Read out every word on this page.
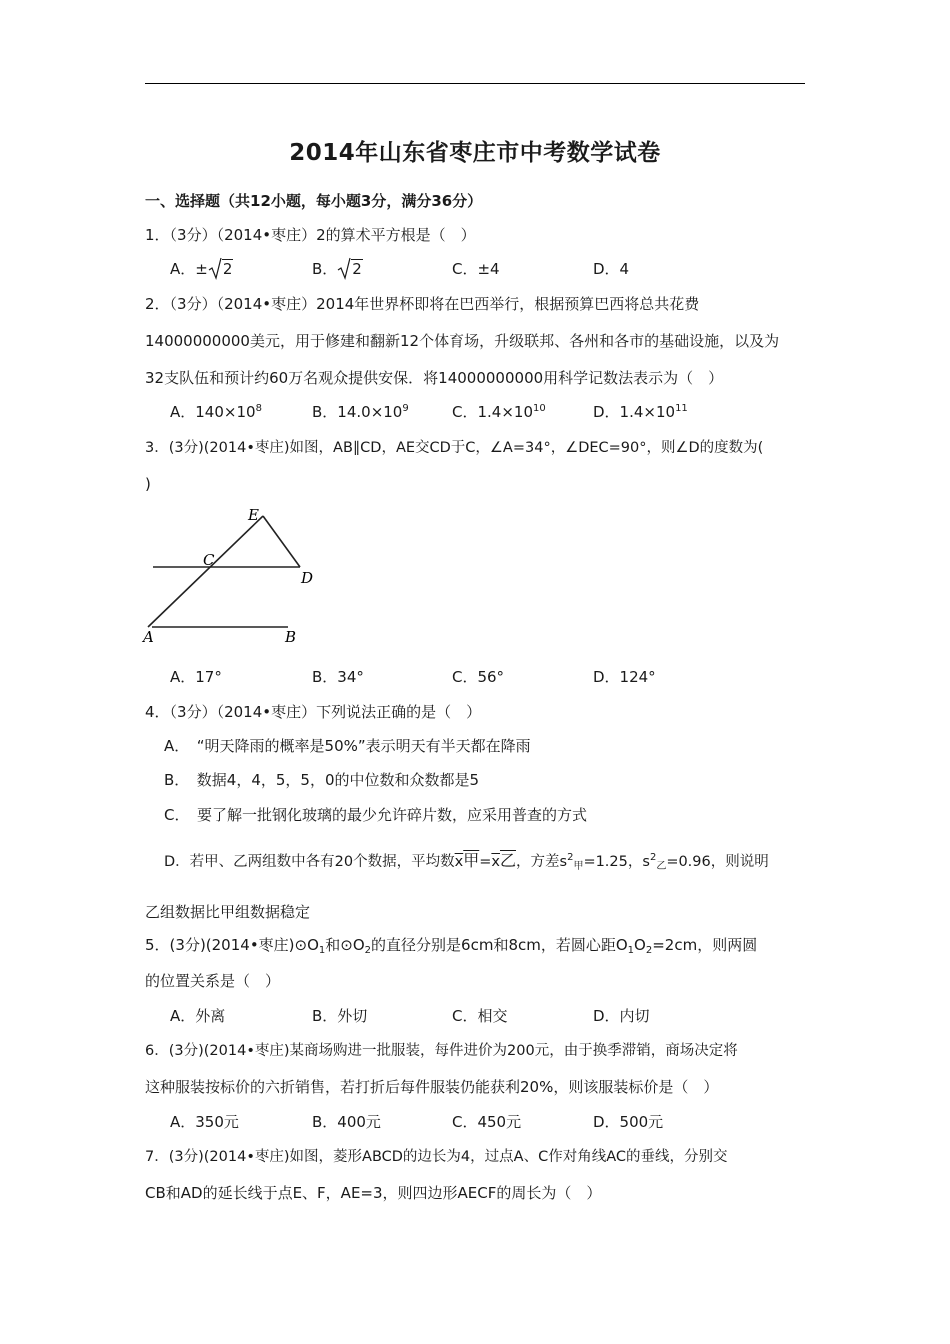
2014年山东省枣庄市中考数学试卷
一、选择题（共12小题，每小题3分，满分36分）
1．（3分）（2014•枣庄）2的算术平方根是（　）
A．± 2	B． 2	C．±4	D．4
2．（3分）（2014•枣庄）2014年世界杯即将在巴西举行，根据预算巴西将总共花费
14000000000美元，用于修建和翻新12个体育场，升级联邦、各州和各市的基础设施，以及为
32支队伍和预计约60万名观众提供安保．将14000000000用科学记数法表示为（　）
A．$140\times 10^8$	B．$14.0\times 10^9$	C．$1.4\times 10^{10}$	D．$1.4\times 10^{11}$
3．(3分)(2014•枣庄)如图，AB∥CD，AE交CD于C，∠A=34°，∠DEC=90°，则∠D的度数为(
)
E
C
D
A	B
A．17°	B．34°	C．56°	D．124°
4．（3分）（2014•枣庄）下列说法正确的是（　）
A．　“明天降雨的概率是50%”表示明天有半天都在降雨
B．　数据4，4，5，5，0的中位数和众数都是5
C．　要了解一批钢化玻璃的最少允许碎片数，应采用普查的方式
D．若甲、乙两组数中各有20个数据，平均数x甲=x乙，方差$s^2_甲=1.25$，$s^2_乙=0.96$，则说明
乙组数据比甲组数据稳定
5．(3分)(2014•枣庄)$⊙O_1$和$⊙O_2$的直径分别是6cm和8cm，若圆心距$O_1O_2=2cm$，则两圆
的位置关系是（　）
A．外离	B．外切	C．相交	D．内切
6．(3分)(2014•枣庄)某商场购进一批服装，每件进价为200元，由于换季滞销，商场决定将
这种服装按标价的六折销售，若打折后每件服装仍能获利20%，则该服装标价是（　）
A．350元	B．400元	C．450元	D．500元
7．(3分)(2014•枣庄)如图，菱形ABCD的边长为4，过点A、C作对角线AC的垂线，分别交
CB和AD的延长线于点E、F，AE=3，则四边形AECF的周长为（　）
